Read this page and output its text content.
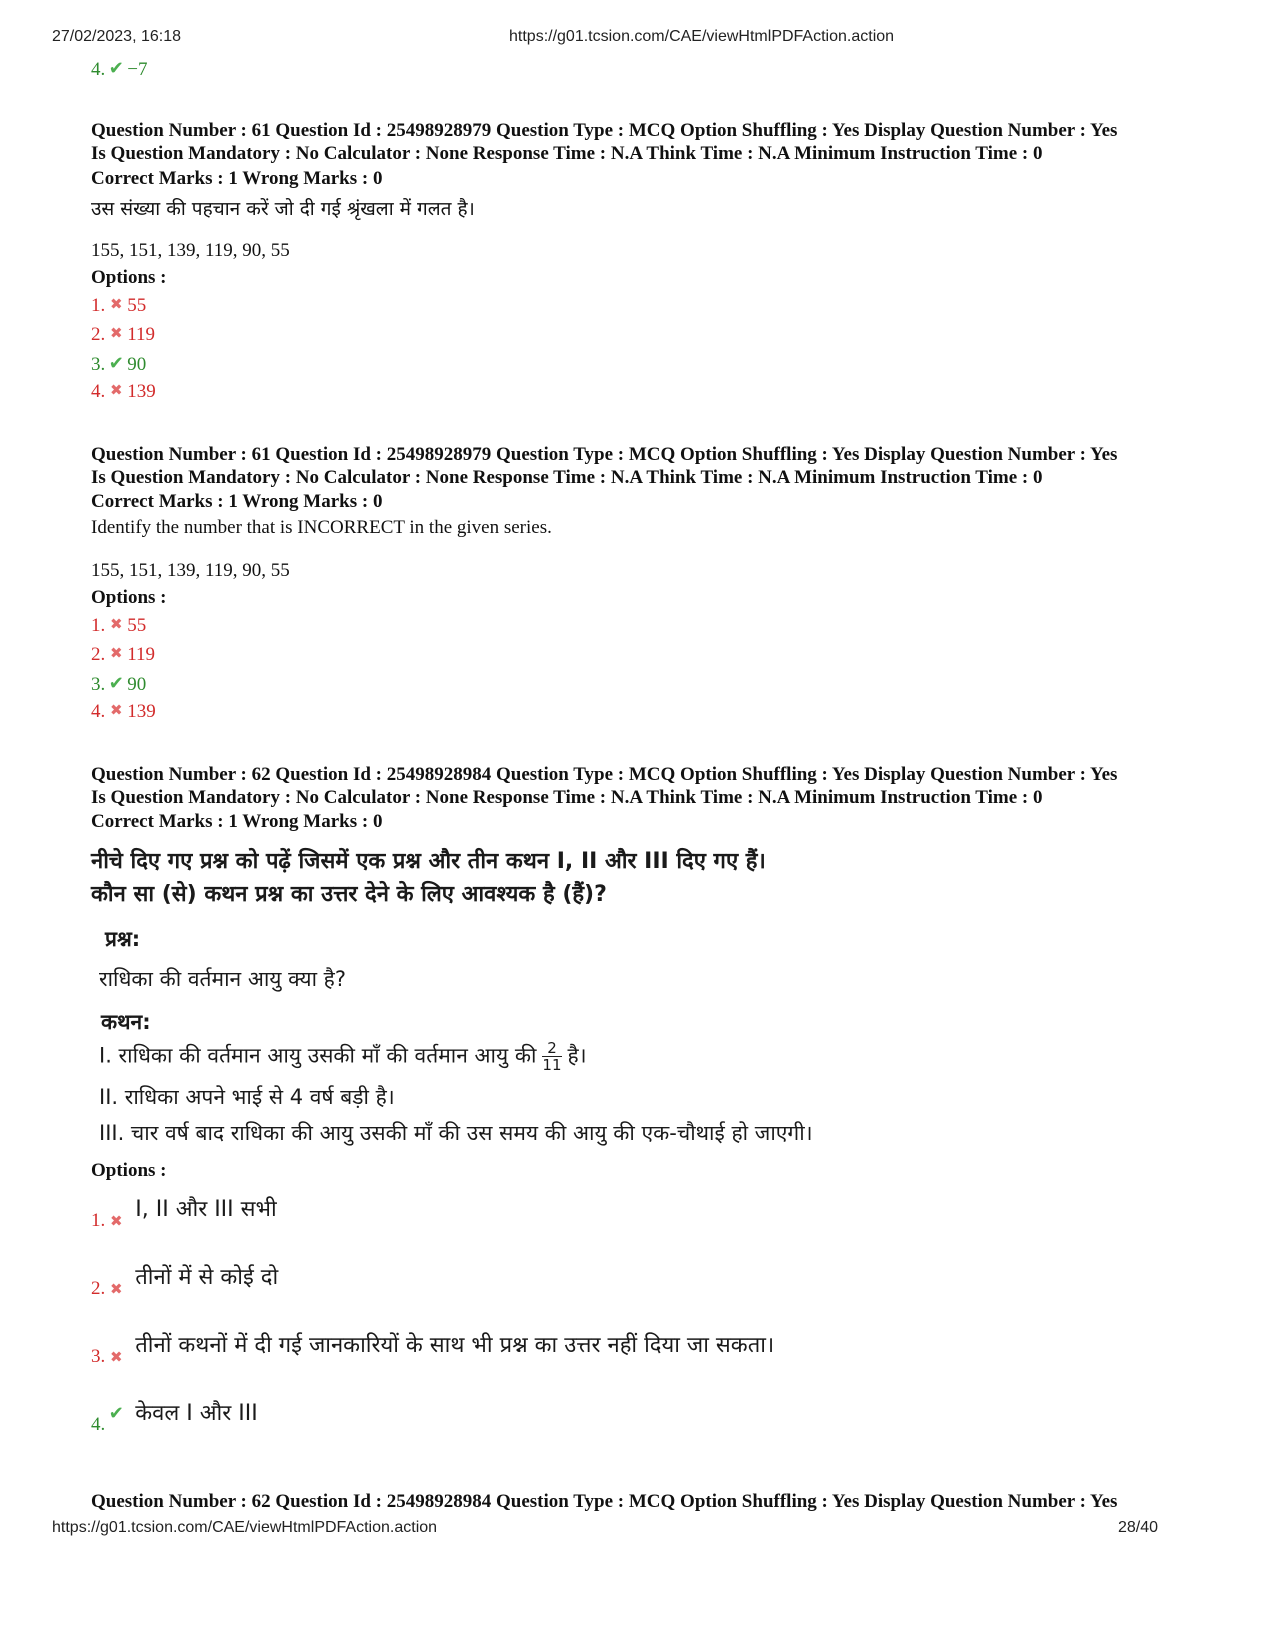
27/02/2023, 16:18	https://g01.tcsion.com/CAE/viewHtmlPDFAction.action
4. ✔ −7
Question Number : 61 Question Id : 25498928979 Question Type : MCQ Option Shuffling : Yes Display Question Number : Yes
Is Question Mandatory : No Calculator : None Response Time : N.A Think Time : N.A Minimum Instruction Time : 0
Correct Marks : 1 Wrong Marks : 0
उस संख्या की पहचान करें जो दी गई श्रृंखला में गलत है।
155, 151, 139, 119, 90, 55
Options :
1. ✖ 55
2. ✖ 119
3. ✔ 90
4. ✖ 139
Question Number : 61 Question Id : 25498928979 Question Type : MCQ Option Shuffling : Yes Display Question Number : Yes
Is Question Mandatory : No Calculator : None Response Time : N.A Think Time : N.A Minimum Instruction Time : 0
Correct Marks : 1 Wrong Marks : 0
Identify the number that is INCORRECT in the given series.
155, 151, 139, 119, 90, 55
Options :
1. ✖ 55
2. ✖ 119
3. ✔ 90
4. ✖ 139
Question Number : 62 Question Id : 25498928984 Question Type : MCQ Option Shuffling : Yes Display Question Number : Yes
Is Question Mandatory : No Calculator : None Response Time : N.A Think Time : N.A Minimum Instruction Time : 0
Correct Marks : 1 Wrong Marks : 0
नीचे दिए गए प्रश्न को पढ़ें जिसमें एक प्रश्न और तीन कथन I, II और III दिए गए हैं।
कौन सा (से) कथन प्रश्न का उत्तर देने के लिए आवश्यक है (हैं)?
प्रश्न:
राधिका की वर्तमान आयु क्या है?
कथन:
I. राधिका की वर्तमान आयु उसकी माँ की वर्तमान आयु की $\frac{2}{11}$ है।
II. राधिका अपने भाई से 4 वर्ष बड़ी है।
III. चार वर्ष बाद राधिका की आयु उसकी माँ की उस समय की आयु की एक-चौथाई हो जाएगी।
Options :
1. ✖ I, II और III सभी
2. ✖ तीनों में से कोई दो
3. ✖ तीनों कथनों में दी गई जानकारियों के साथ भी प्रश्न का उत्तर नहीं दिया जा सकता।
4.✔ केवल I और III
Question Number : 62 Question Id : 25498928984 Question Type : MCQ Option Shuffling : Yes Display Question Number : Yes
https://g01.tcsion.com/CAE/viewHtmlPDFAction.action	28/40
